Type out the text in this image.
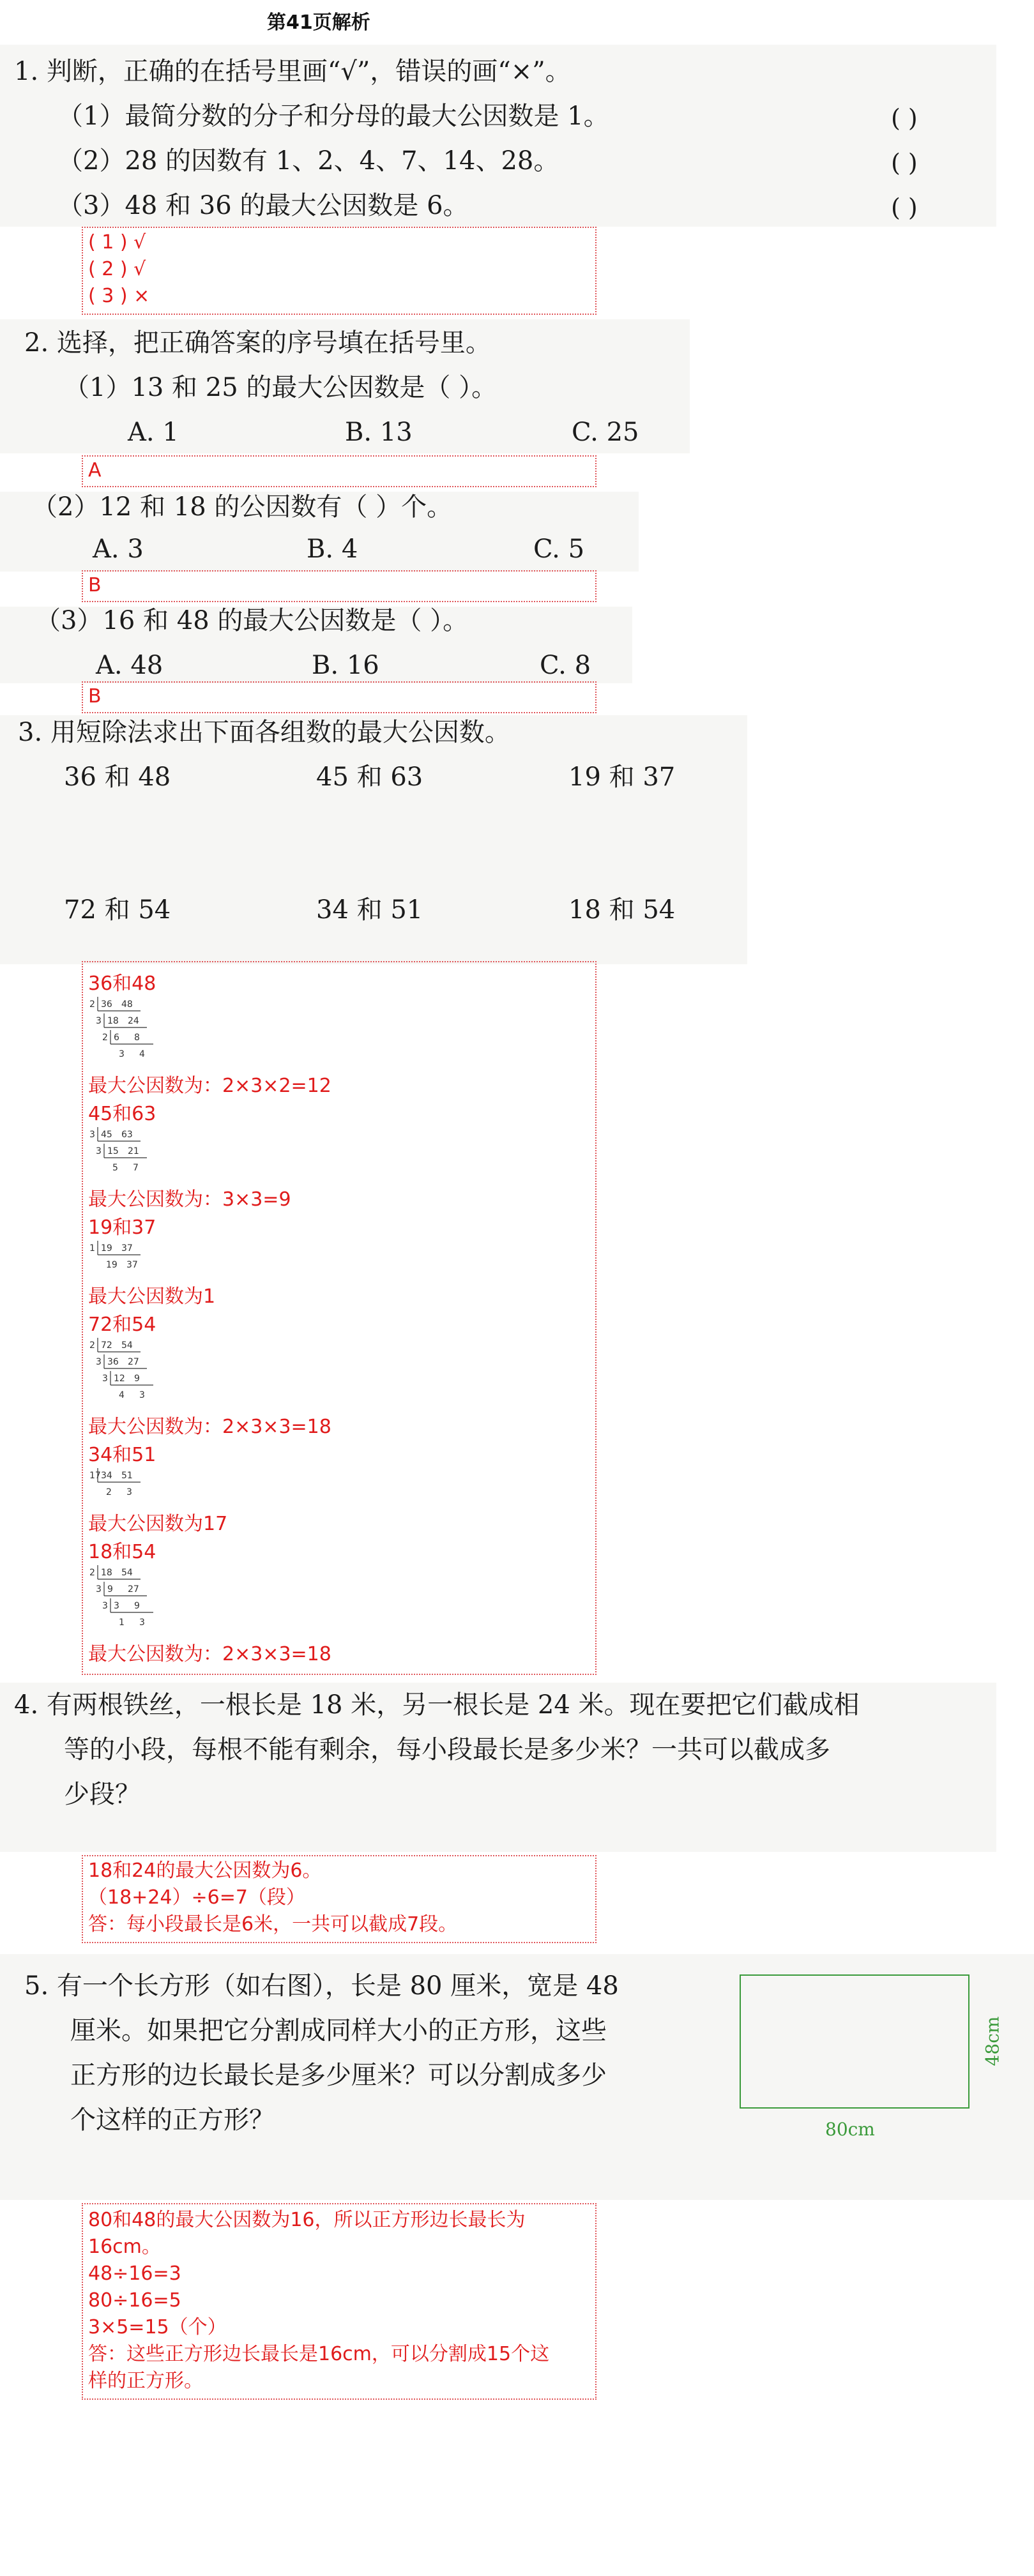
第41页解析
1. 判断，正确的在括号里画“√”，错误的画“×”。
（1）最简分数的分子和分母的最大公因数是 1。	( )
（2）28 的因数有 1、2、4、7、14、28。	( )
（3）48 和 36 的最大公因数是 6。	( )
( 1 ) √
( 2 ) √
( 3 ) ×
2. 选择，把正确答案的序号填在括号里。
（1）13 和 25 的最大公因数是（ ）。
A. 1	B. 13	C. 25
A
（2）12 和 18 的公因数有（ ）个。
A. 3	B. 4	C. 5
B
（3）16 和 48 的最大公因数是（ ）。
A. 48	B. 16	C. 8
B
3. 用短除法求出下面各组数的最大公因数。
36 和 48	45 和 63	19 和 37
72 和 54	34 和 51	18 和 54
36和48
2 36 48
3 18 24
2 6 8
3 4
最大公因数为：2×3×2=12
45和63
3 45 63
3 15 21
5 7
最大公因数为：3×3=9
19和37
1 19 37
19 37
最大公因数为1
72和54
2 72 54
3 36 27
3 12 9
4 3
最大公因数为：2×3×3=18
34和51
17 34 51
2 3
最大公因数为17
18和54
2 18 54
3 9 27
3 3 9
1 3
最大公因数为：2×3×3=18
4. 有两根铁丝，一根长是 18 米，另一根长是 24 米。现在要把它们截成相
等的小段，每根不能有剩余，每小段最长是多少米？一共可以截成多
少段？
18和24的最大公因数为6。
（18+24）÷6=7（段）
答：每小段最长是6米，一共可以截成7段。
5. 有一个长方形（如右图），长是 80 厘米，宽是 48
厘米。如果把它分割成同样大小的正方形，这些
正方形的边长最长是多少厘米？可以分割成多少
个这样的正方形？	80cm
48cm
80和48的最大公因数为16，所以正方形边长最长为
16cm。
48÷16=3
80÷16=5
3×5=15（个）
答：这些正方形边长最长是16cm，可以分割成15个这
样的正方形。
